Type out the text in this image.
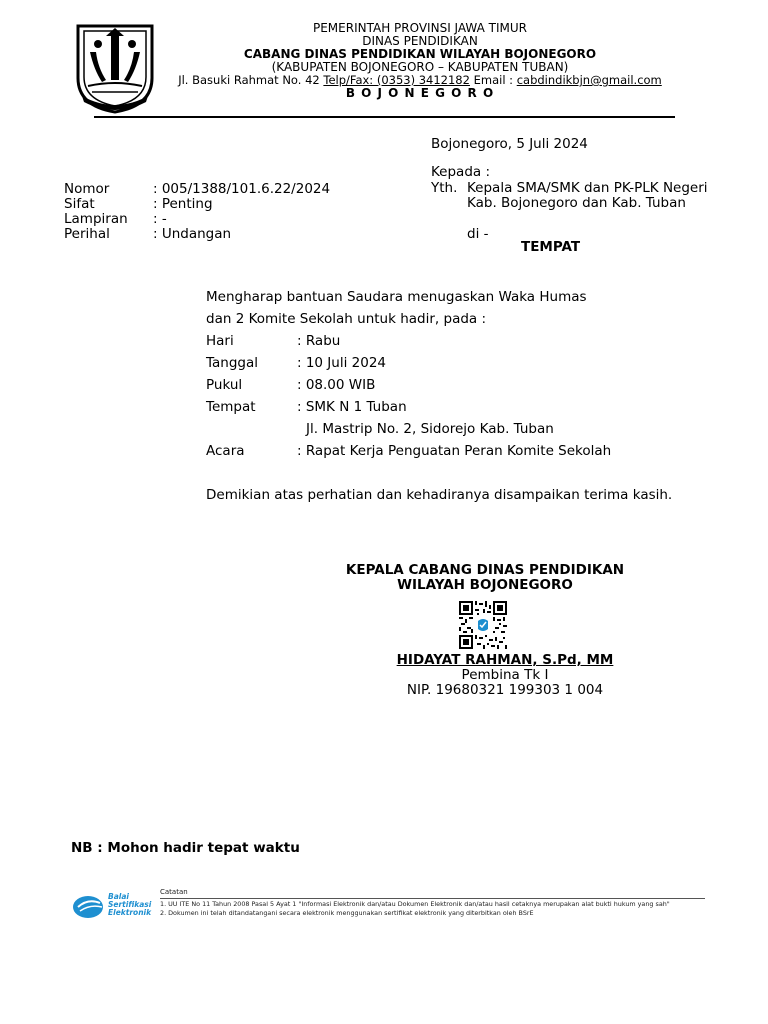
PEMERINTAH PROVINSI JAWA TIMUR
DINAS PENDIDIKAN
CABANG DINAS PENDIDIKAN WILAYAH BOJONEGORO
(KABUPATEN BOJONEGORO – KABUPATEN TUBAN)
Jl. Basuki Rahmat No. 42 Telp/Fax: (0353) 3412182 Email : cabdindikbjn@gmail.com
B O J O N E G O R O
Bojonegoro, 5 Juli 2024
Kepada :
Yth. Kepala SMA/SMK dan PK-PLK Negeri
Kab. Bojonegoro dan Kab. Tuban
di -
TEMPAT
Nomor	: 005/1388/101.6.22/2024
Sifat	: Penting
Lampiran : -
Perihal	: Undangan
Mengharap bantuan Saudara menugaskan Waka Humas
dan 2 Komite Sekolah untuk hadir, pada :
Hari	: Rabu
Tanggal	: 10 Juli 2024
Pukul	: 08.00 WIB
Tempat	: SMK N 1 Tuban
Jl. Mastrip No. 2, Sidorejo Kab. Tuban
Acara	: Rapat Kerja Penguatan Peran Komite Sekolah
Demikian atas perhatian dan kehadiranya disampaikan terima kasih.
KEPALA CABANG DINAS PENDIDIKAN
WILAYAH BOJONEGORO
HIDAYAT RAHMAN, S.Pd, MM
Pembina Tk I
NIP. 19680321 199303 1 004
NB : Mohon hadir tepat waktu
Balai
Sertifikasi
Elektronik
Catatan
1. UU ITE No 11 Tahun 2008 Pasal 5 Ayat 1 "Informasi Elektronik dan/atau Dokumen Elektronik dan/atau hasil cetaknya merupakan alat bukti hukum yang sah"
2. Dokumen ini telah ditandatangani secara elektronik menggunakan sertifikat elektronik yang diterbitkan oleh BSrE
